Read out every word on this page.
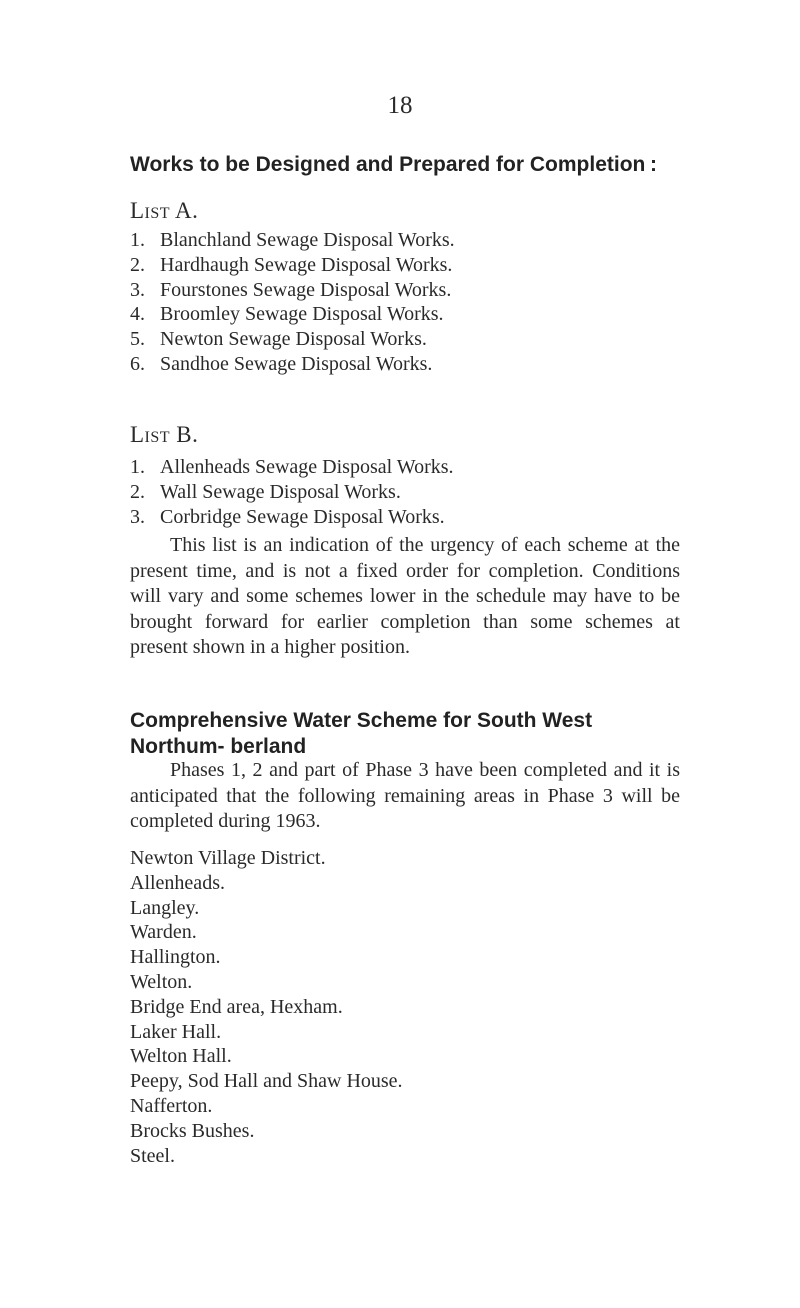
18
Works to be Designed and Prepared for Completion :
List A.
1. Blanchland Sewage Disposal Works.
2. Hardhaugh Sewage Disposal Works.
3. Fourstones Sewage Disposal Works.
4. Broomley Sewage Disposal Works.
5. Newton Sewage Disposal Works.
6. Sandhoe Sewage Disposal Works.
List B.
1. Allenheads Sewage Disposal Works.
2. Wall Sewage Disposal Works.
3. Corbridge Sewage Disposal Works.

This list is an indication of the urgency of each scheme at the present time, and is not a fixed order for completion. Conditions will vary and some schemes lower in the schedule may have to be brought forward for earlier completion than some schemes at present shown in a higher position.

Comprehensive Water Scheme for South West Northum- berland

Phases 1, 2 and part of Phase 3 have been completed and it is anticipated that the following remaining areas in Phase 3 will be completed during 1963.

Newton Village District.
Allenheads.
Langley.
Warden.
Hallington.
Welton.
Bridge End area, Hexham.
Laker Hall.
Welton Hall.
Peepy, Sod Hall and Shaw House.
Nafferton.
Brocks Bushes.
Steel.
